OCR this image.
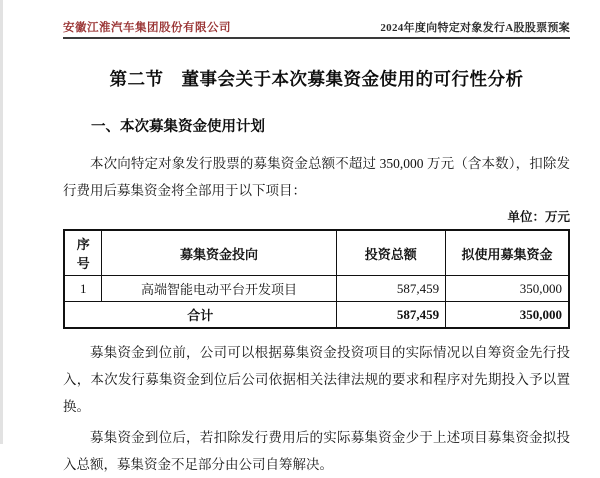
安徽江淮汽车集团股份有限公司	2024年度向特定对象发行A股股票预案
第二节　董事会关于本次募集资金使用的可行性分析
一、本次募集资金使用计划
本次向特定对象发行股票的募集资金总额不超过 350,000 万元（含本数），扣除发行费用后募集资金将全部用于以下项目：
单位：万元
序号	募集资金投向	投资总额	拟使用募集资金
1	高端智能电动平台开发项目	587,459	350,000
合计		587,459	350,000
募集资金到位前，公司可以根据募集资金投资项目的实际情况以自筹资金先行投入，本次发行募集资金到位后公司依据相关法律法规的要求和程序对先期投入予以置换。
募集资金到位后，若扣除发行费用后的实际募集资金少于上述项目募集资金拟投入总额，募集资金不足部分由公司自筹解决。
